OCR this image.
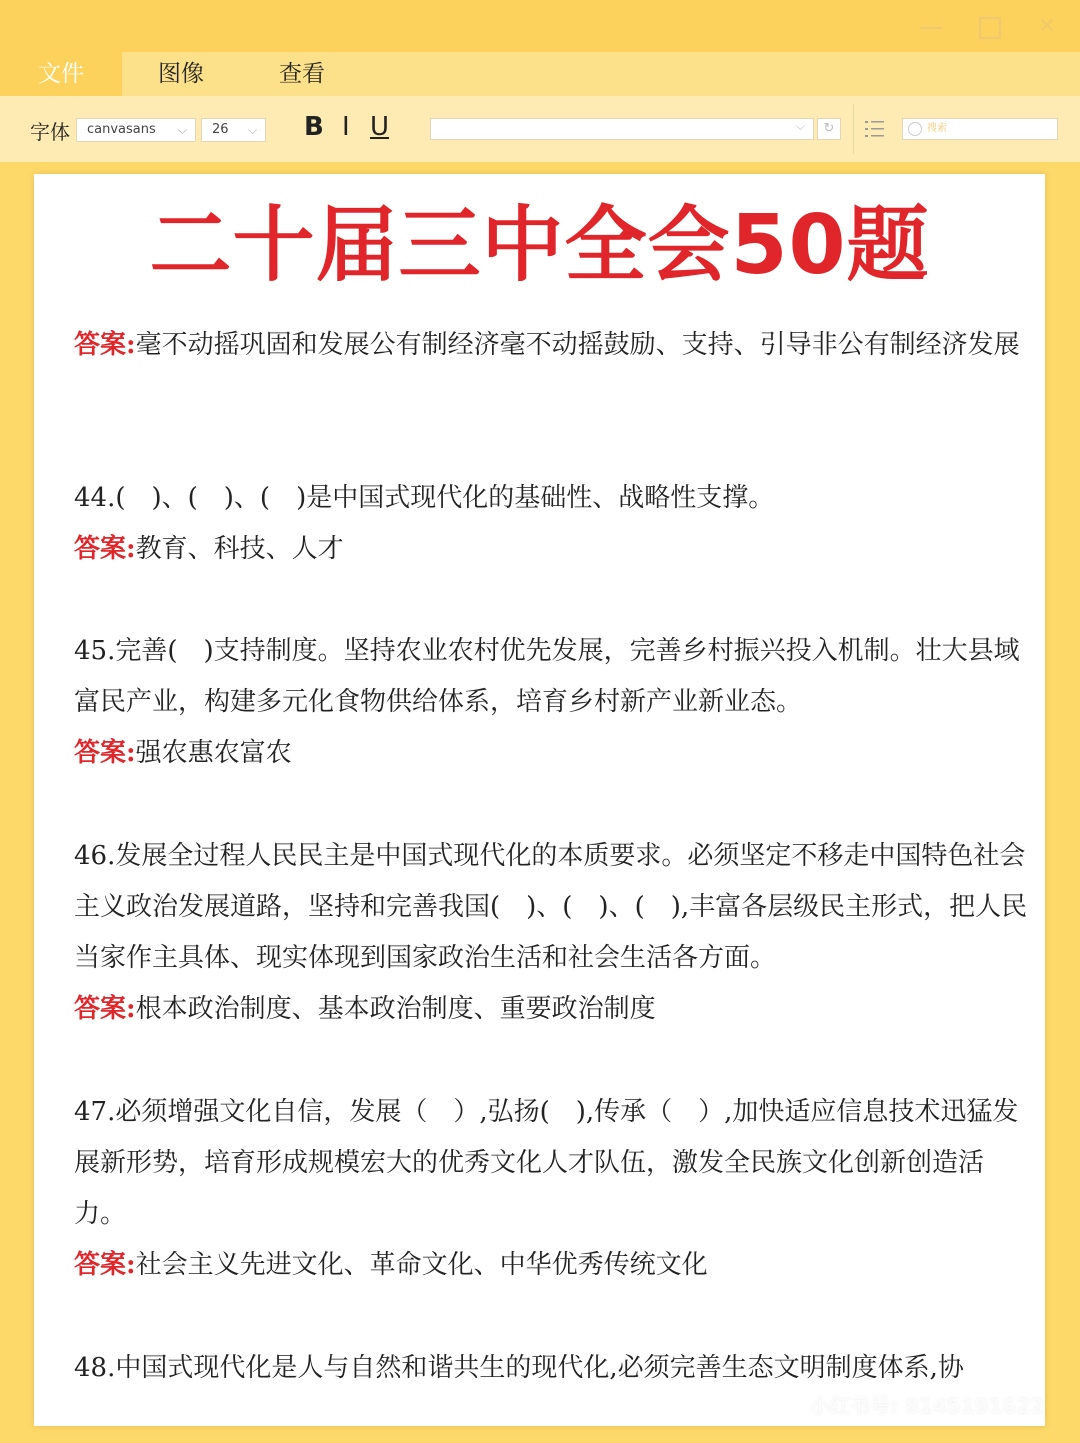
✕
文件	图像	查看
字体	canvasans ⌵	26 ⌵ B I U	⌵	↻	搜索
二十届三中全会50题
答案:毫不动摇巩固和发展公有制经济毫不动摇鼓励、支持、引导非公有制经济发展
44.(　)、(　)、(　)是中国式现代化的基础性、战略性支撑。
答案:教育、科技、人才
45.完善(　)支持制度。坚持农业农村优先发展，完善乡村振兴投入机制。壮大县域富民产业，构建多元化食物供给体系，培育乡村新产业新业态。
答案:强农惠农富农
46.发展全过程人民民主是中国式现代化的本质要求。必须坚定不移走中国特色社会主义政治发展道路，坚持和完善我国(　)、(　)、(　),丰富各层级民主形式，把人民当家作主具体、现实体现到国家政治生活和社会生活各方面。
答案:根本政治制度、基本政治制度、重要政治制度
47.必须增强文化自信，发展（　）,弘扬(　),传承（　）,加快适应信息技术迅猛发展新形势，培育形成规模宏大的优秀文化人才队伍，激发全民族文化创新创造活力。
答案:社会主义先进文化、革命文化、中华优秀传统文化
48.中国式现代化是人与自然和谐共生的现代化,必须完善生态文明制度体系,协
小红书号: 8145191622
